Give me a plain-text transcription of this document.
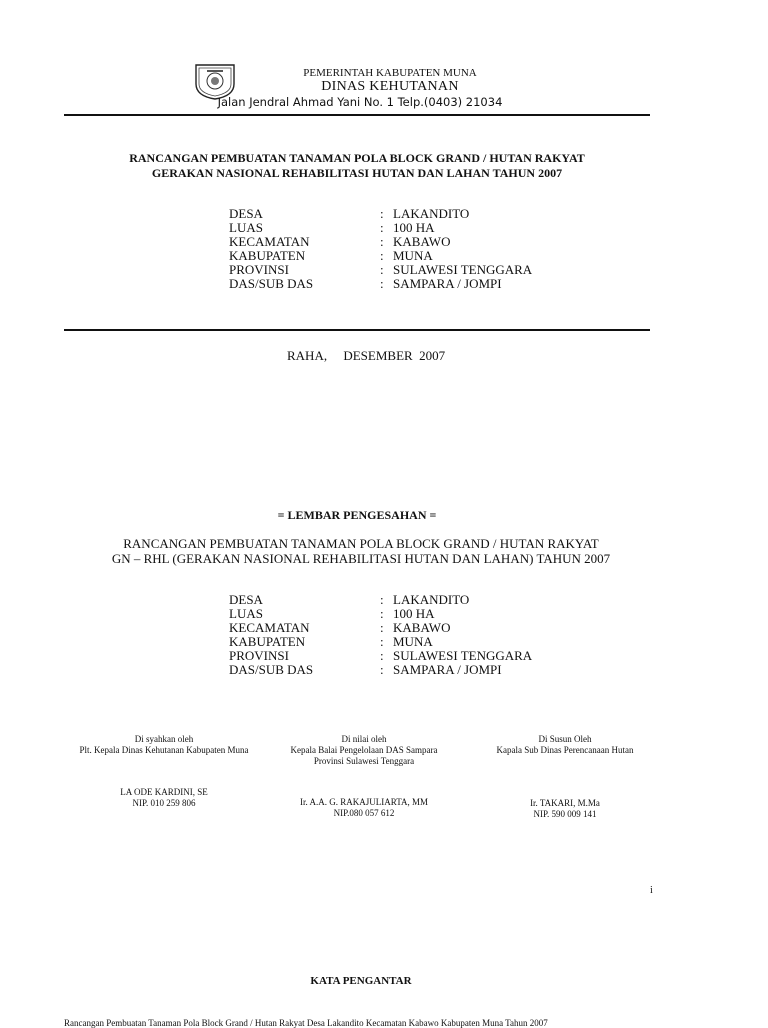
PEMERINTAH KABUPATEN MUNA
DINAS KEHUTANAN
Jalan Jendral Ahmad Yani No. 1 Telp.(0403) 21034
RANCANGAN PEMBUATAN TANAMAN POLA BLOCK GRAND / HUTAN RAKYAT
GERAKAN NASIONAL REHABILITASI HUTAN DAN LAHAN TAHUN 2007
DESA	: LAKANDITO
LUAS	: 100 HA
KECAMATAN	: KABAWO
KABUPATEN	: MUNA
PROVINSI	: SULAWESI TENGGARA
DAS/SUB DAS	: SAMPARA / JOMPI
RAHA,     DESEMBER  2007
= LEMBAR PENGESAHAN =
RANCANGAN PEMBUATAN TANAMAN POLA BLOCK GRAND / HUTAN RAKYAT
GN – RHL (GERAKAN NASIONAL REHABILITASI HUTAN DAN LAHAN) TAHUN 2007
DESA	: LAKANDITO
LUAS	: 100 HA
KECAMATAN	: KABAWO
KABUPATEN	: MUNA
PROVINSI	: SULAWESI TENGGARA
DAS/SUB DAS	: SAMPARA / JOMPI
Di syahkan oleh
Plt. Kepala Dinas Kehutanan Kabupaten Muna
LA ODE KARDINI, SE
NIP. 010 259 806
Di nilai oleh
Kepala Balai Pengelolaan DAS Sampara
Provinsi Sulawesi Tenggara
Ir. A.A. G. RAKAJULIARTA, MM
NIP.080 057 612
Di Susun Oleh
Kapala Sub Dinas Perencanaan Hutan
Ir. TAKARI, M.Ma
NIP. 590 009 141
i
KATA PENGANTAR
Rancangan Pembuatan Tanaman Pola Block Grand / Hutan Rakyat Desa Lakandito Kecamatan Kabawo Kabupaten Muna Tahun 2007
